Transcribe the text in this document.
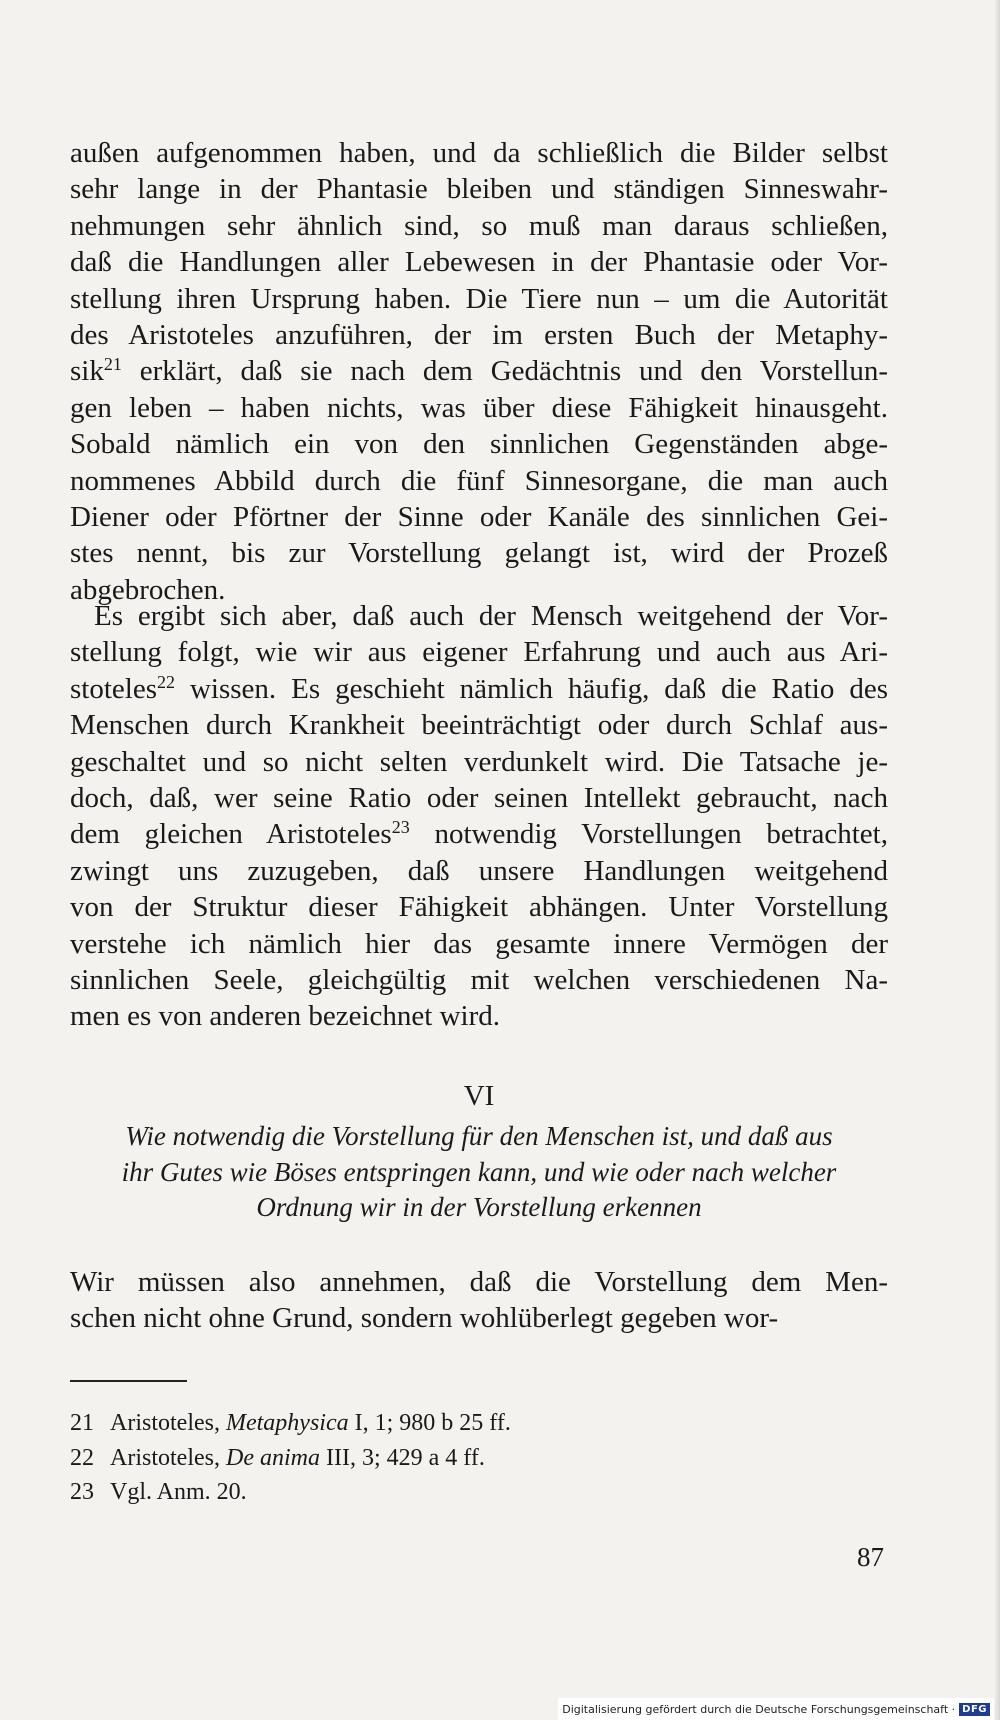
außen aufgenommen haben, und da schließlich die Bilder selbst
sehr lange in der Phantasie bleiben und ständigen Sinneswahr-
nehmungen sehr ähnlich sind, so muß man daraus schließen,
daß die Handlungen aller Lebewesen in der Phantasie oder Vor-
stellung ihren Ursprung haben. Die Tiere nun – um die Autorität
des Aristoteles anzuführen, der im ersten Buch der Metaphy-
sik$^{21}$ erklärt, daß sie nach dem Gedächtnis und den Vorstellun-
gen leben – haben nichts, was über diese Fähigkeit hinausgeht.
Sobald nämlich ein von den sinnlichen Gegenständen abge-
nommenes Abbild durch die fünf Sinnesorgane, die man auch
Diener oder Pförtner der Sinne oder Kanäle des sinnlichen Gei-
stes nennt, bis zur Vorstellung gelangt ist, wird der Prozeß
abgebrochen.
Es ergibt sich aber, daß auch der Mensch weitgehend der Vor-
stellung folgt, wie wir aus eigener Erfahrung und auch aus Ari-
stoteles$^{22}$ wissen. Es geschieht nämlich häufig, daß die Ratio des
Menschen durch Krankheit beeinträchtigt oder durch Schlaf aus-
geschaltet und so nicht selten verdunkelt wird. Die Tatsache je-
doch, daß, wer seine Ratio oder seinen Intellekt gebraucht, nach
dem gleichen Aristoteles$^{23}$ notwendig Vorstellungen betrachtet,
zwingt uns zuzugeben, daß unsere Handlungen weitgehend
von der Struktur dieser Fähigkeit abhängen. Unter Vorstellung
verstehe ich nämlich hier das gesamte innere Vermögen der
sinnlichen Seele, gleichgültig mit welchen verschiedenen Na-
men es von anderen bezeichnet wird.
VI
Wie notwendig die Vorstellung für den Menschen ist, und daß aus
ihr Gutes wie Böses entspringen kann, und wie oder nach welcher
Ordnung wir in der Vorstellung erkennen
Wir müssen also annehmen, daß die Vorstellung dem Men-
schen nicht ohne Grund, sondern wohlüberlegt gegeben wor-
21 Aristoteles, Metaphysica I, 1; 980 b 25 ff.
22 Aristoteles, De anima III, 3; 429 a 4 ff.
23 Vgl. Anm. 20.
87
Digitalisierung gefördert durch die Deutsche Forschungsgemeinschaft · DFG
